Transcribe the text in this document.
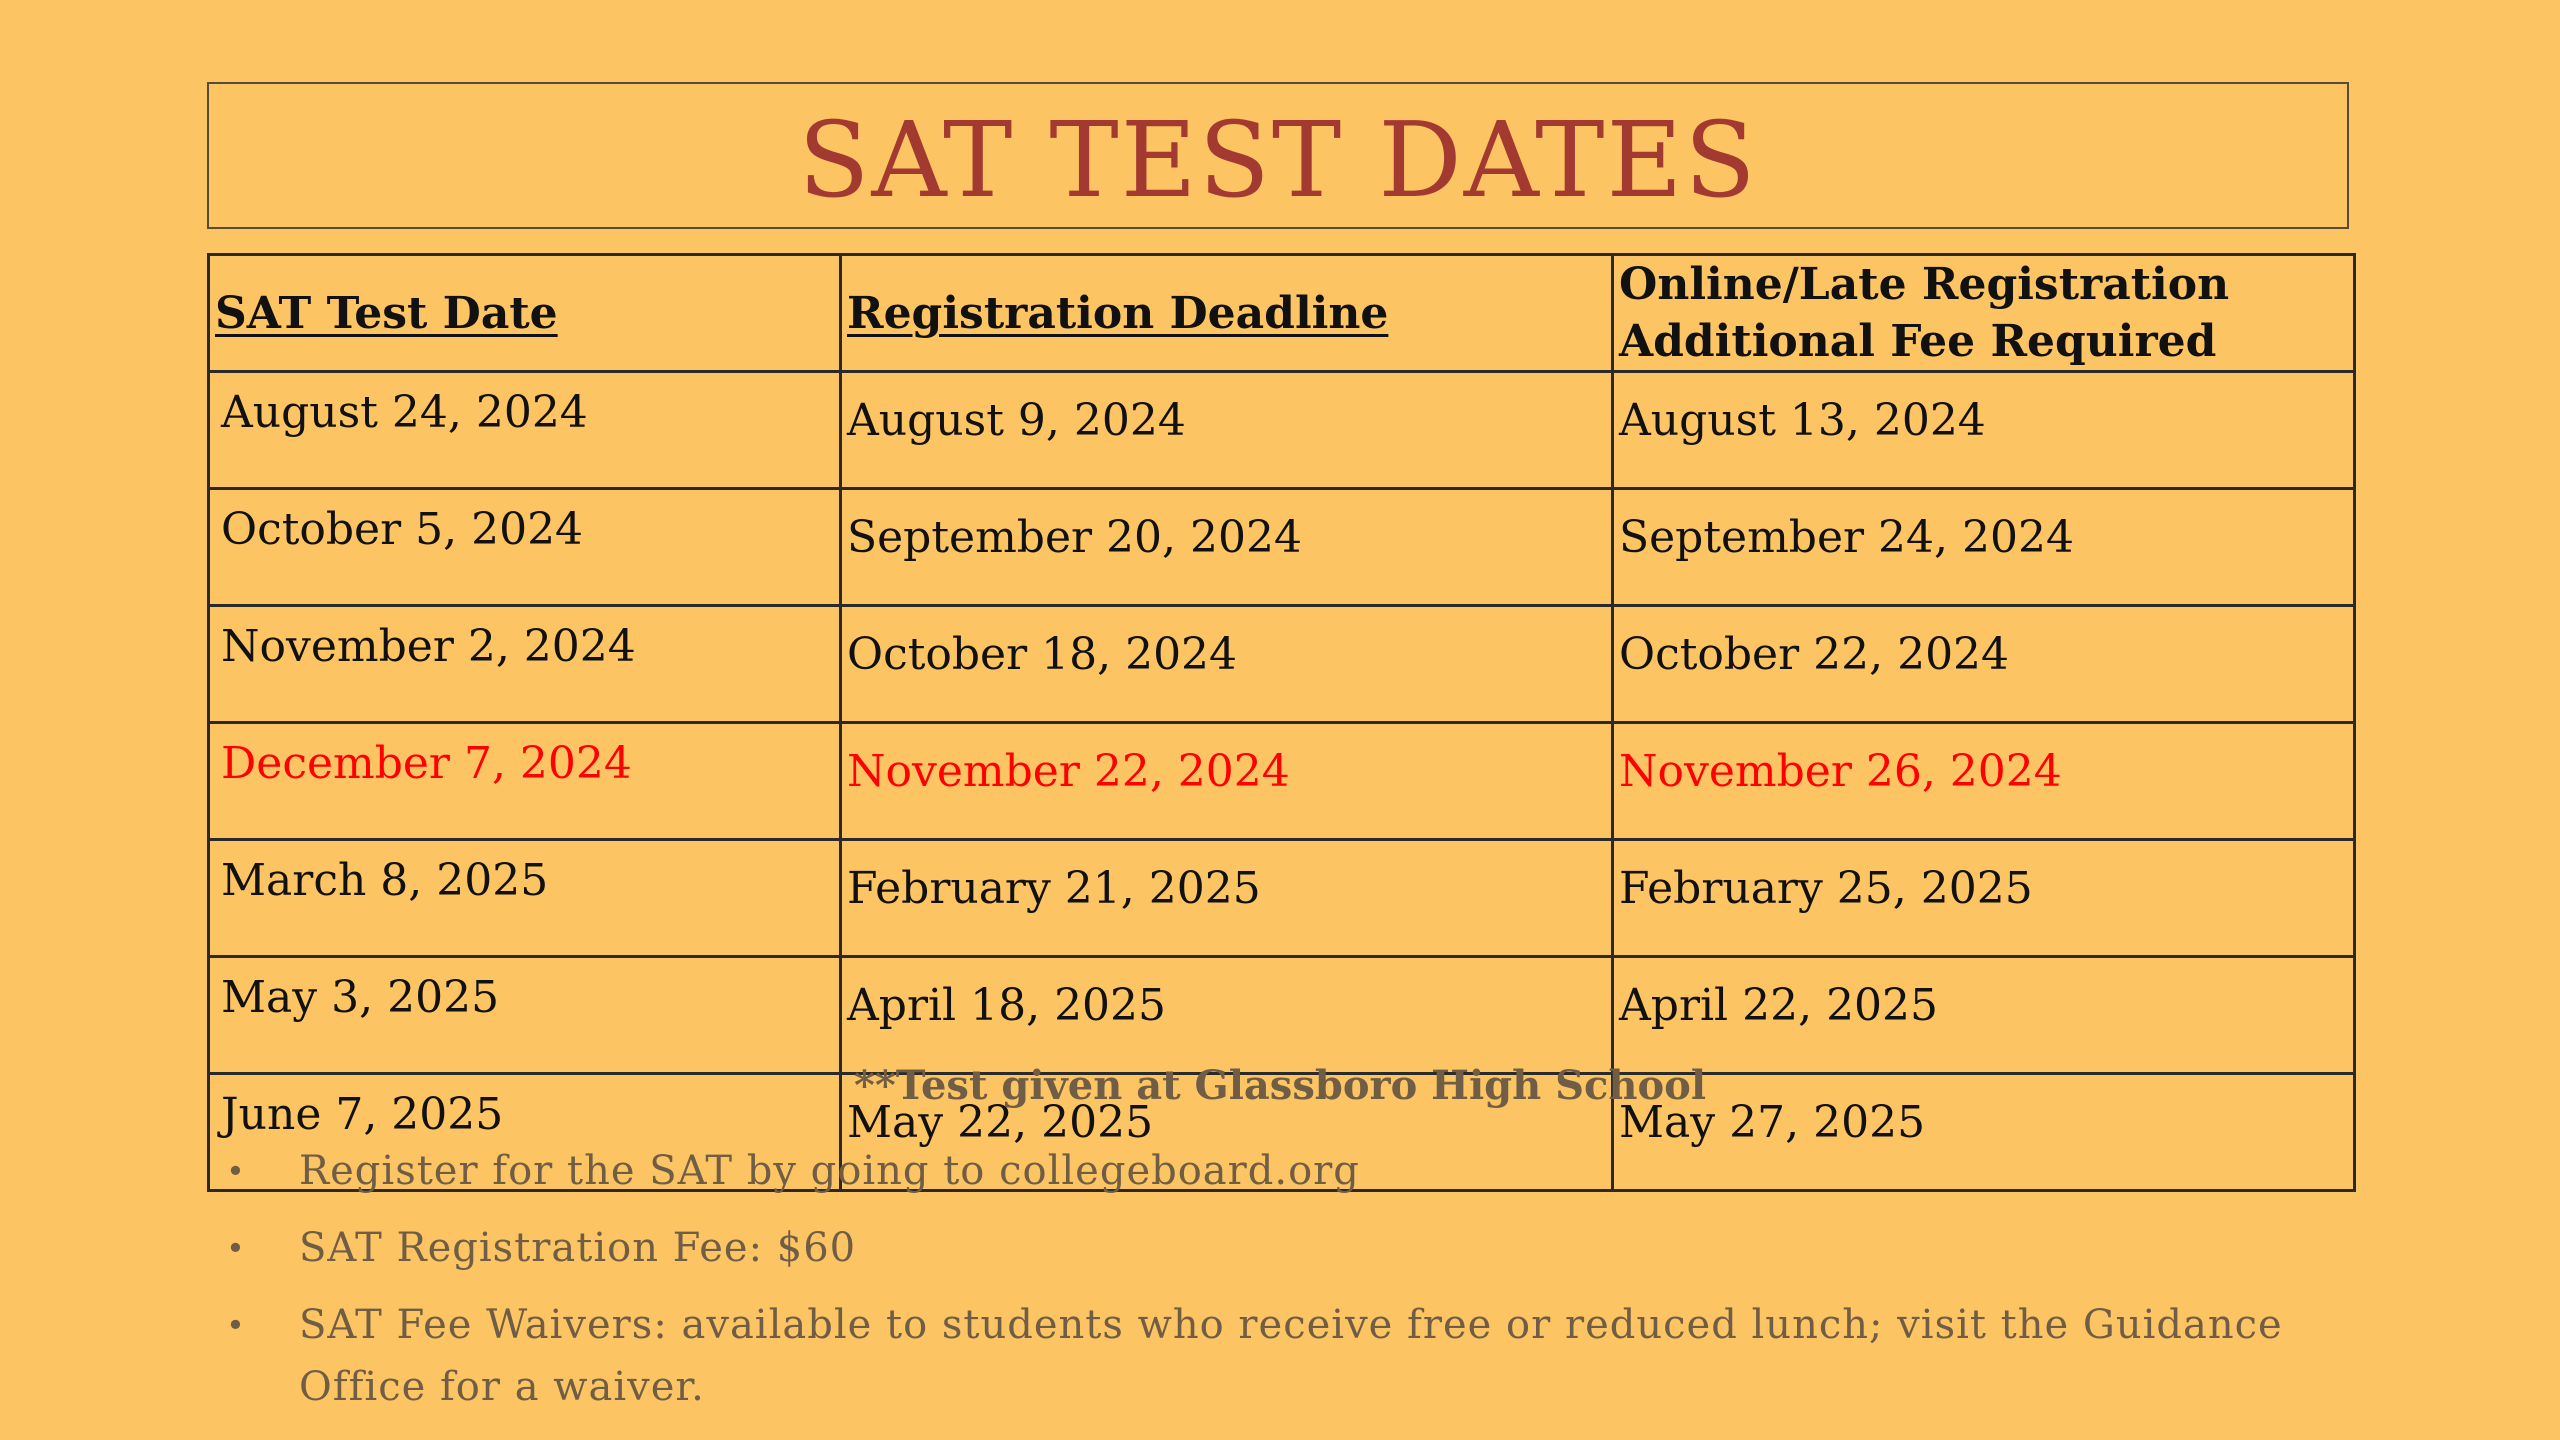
SAT TEST DATES
SAT Test Date	Registration Deadline	Online/Late Registration
Additional Fee Required
August 24, 2024	August 9, 2024	August 13, 2024
October 5, 2024	September 20, 2024	September 24, 2024
November 2, 2024	October 18, 2024	October 22, 2024
December 7, 2024	November 22, 2024	November 26, 2024
March 8, 2025	February 21, 2025	February 25, 2025
May 3, 2025	April 18, 2025	April 22, 2025
June 7, 2025	May 22, 2025	May 27, 2025
**Test given at Glassboro High School
• Register for the SAT by going to collegeboard.org
• SAT Registration Fee: $60
• SAT Fee Waivers: available to students who receive free or reduced lunch; visit the Guidance Office for a waiver.
